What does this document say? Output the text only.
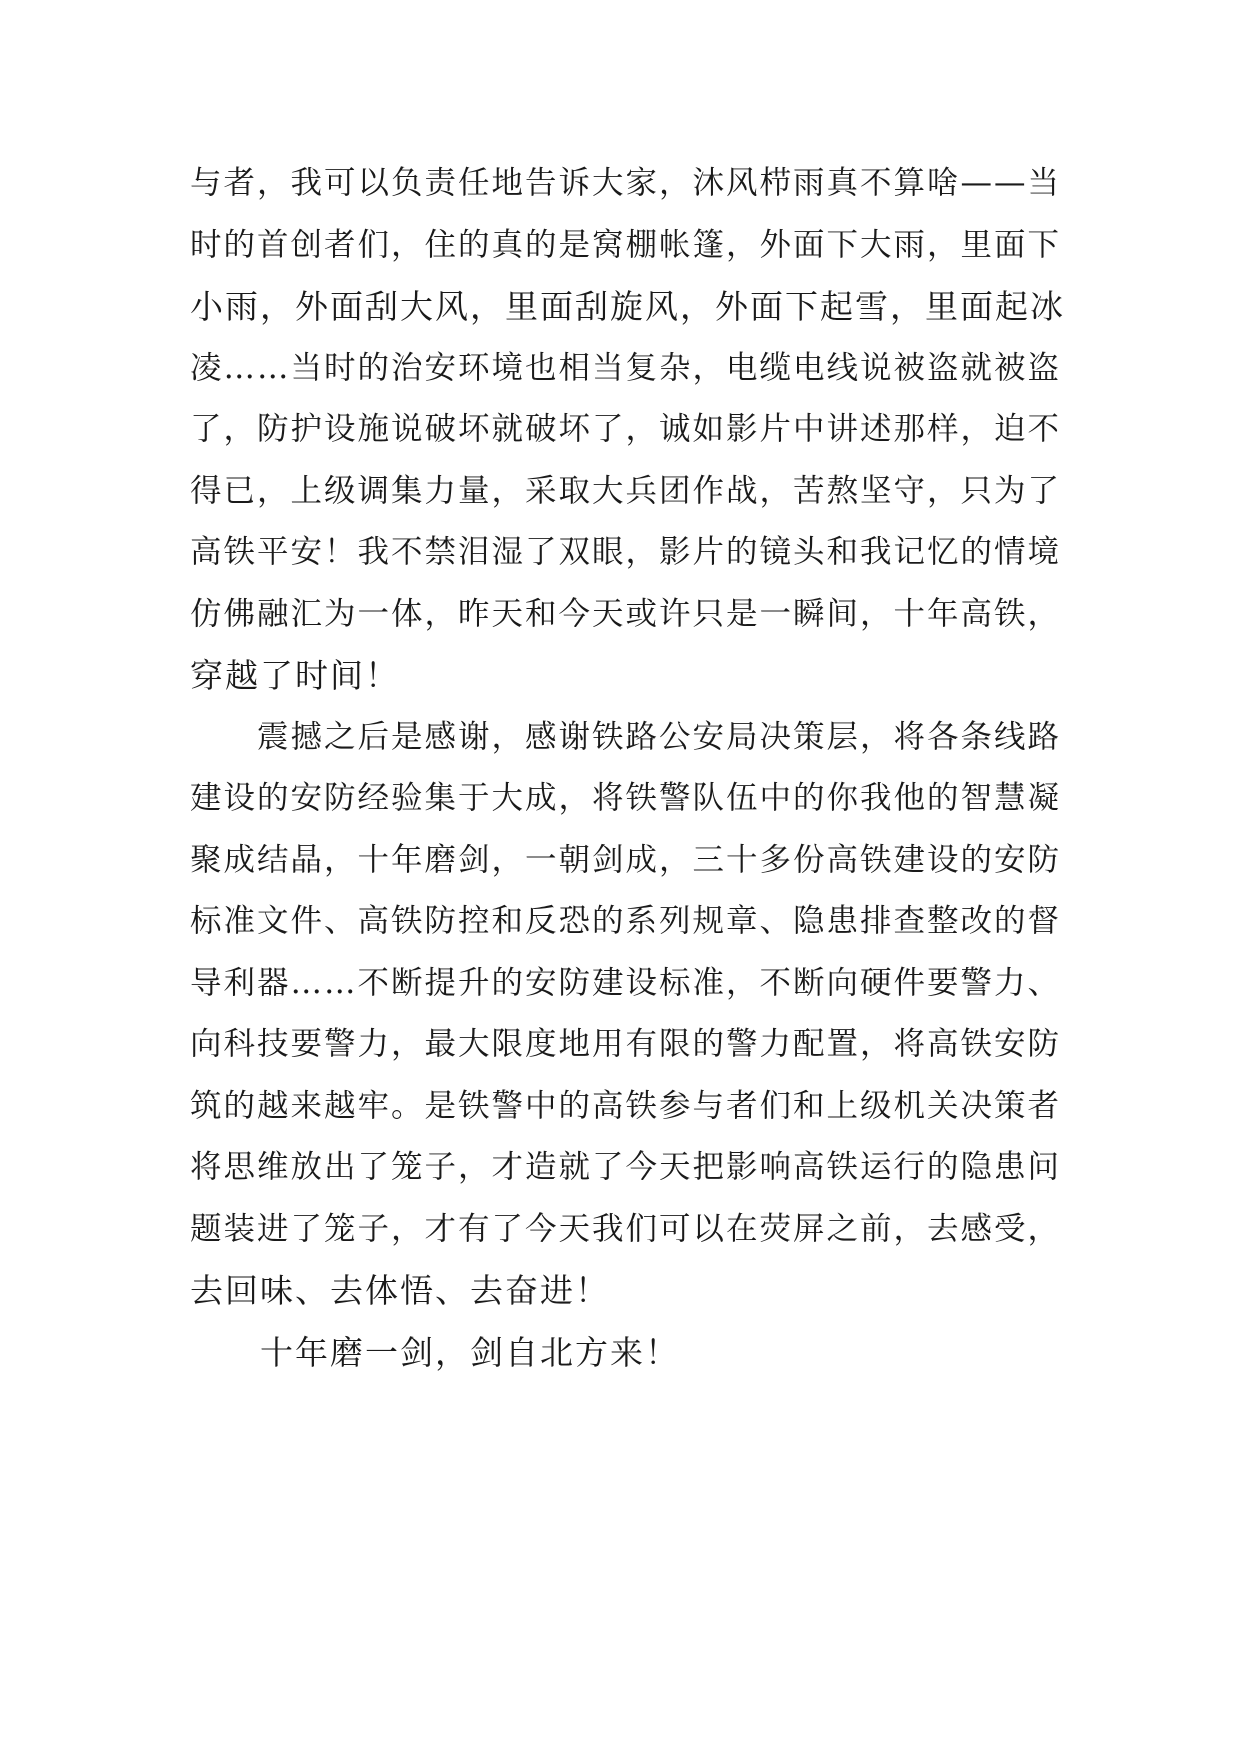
与者，我可以负责任地告诉大家，沐风栉雨真不算啥——当
时的首创者们，住的真的是窝棚帐篷，外面下大雨，里面下
小雨，外面刮大风，里面刮旋风，外面下起雪，里面起冰
凌……当时的治安环境也相当复杂，电缆电线说被盗就被盗
了，防护设施说破坏就破坏了，诚如影片中讲述那样，迫不
得已，上级调集力量，采取大兵团作战，苦熬坚守，只为了
高铁平安！我不禁泪湿了双眼，影片的镜头和我记忆的情境
仿佛融汇为一体，昨天和今天或许只是一瞬间，十年高铁，
穿越了时间！
　　震撼之后是感谢，感谢铁路公安局决策层，将各条线路
建设的安防经验集于大成，将铁警队伍中的你我他的智慧凝
聚成结晶，十年磨剑，一朝剑成，三十多份高铁建设的安防
标准文件、高铁防控和反恐的系列规章、隐患排查整改的督
导利器……不断提升的安防建设标准，不断向硬件要警力、
向科技要警力，最大限度地用有限的警力配置，将高铁安防
筑的越来越牢。是铁警中的高铁参与者们和上级机关决策者
将思维放出了笼子，才造就了今天把影响高铁运行的隐患问
题装进了笼子，才有了今天我们可以在荧屏之前，去感受，
去回味、去体悟、去奋进！
　　十年磨一剑，剑自北方来！
